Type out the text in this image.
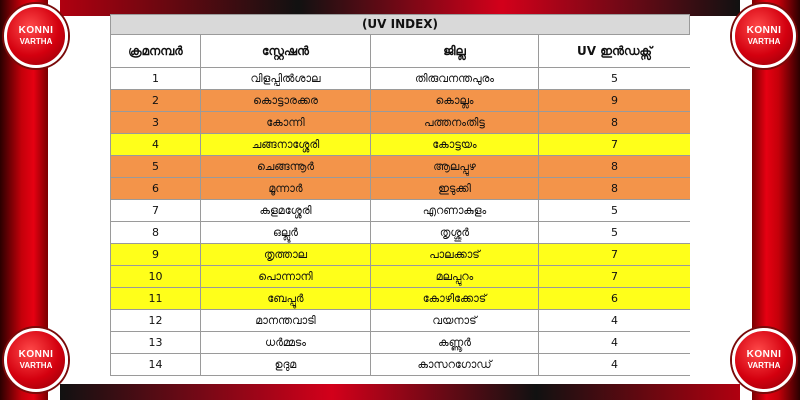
KONNI
VARTHA
KONNI
VARTHA
KONNI
VARTHA
KONNI
VARTHA
(UV INDEX)
ക്രമനമ്പർ	സ്റ്റേഷൻ	ജില്ല	UV ഇൻഡക്സ്
1	വിളപ്പിൽശാല	തിരുവനന്തപുരം	5
2	കൊട്ടാരക്കര	കൊല്ലം	9
3	കോന്നി	പത്തനംതിട്ട	8
4	ചങ്ങനാശ്ശേരി	കോട്ടയം	7
5	ചെങ്ങന്നൂർ	ആലപ്പുഴ	8
6	മൂന്നാർ	ഇടുക്കി	8
7	കളമശ്ശേരി	എറണാകുളം	5
8	ഒല്ലൂർ	തൃശ്ശൂർ	5
9	തൃത്താല	പാലക്കാട്	7
10	പൊന്നാനി	മലപ്പുറം	7
11	ബേപ്പൂർ	കോഴിക്കോട്	6
12	മാനന്തവാടി	വയനാട്	4
13	ധർമ്മടം	കണ്ണൂർ	4
14	ഉദുമ	കാസറഗോഡ്	4
